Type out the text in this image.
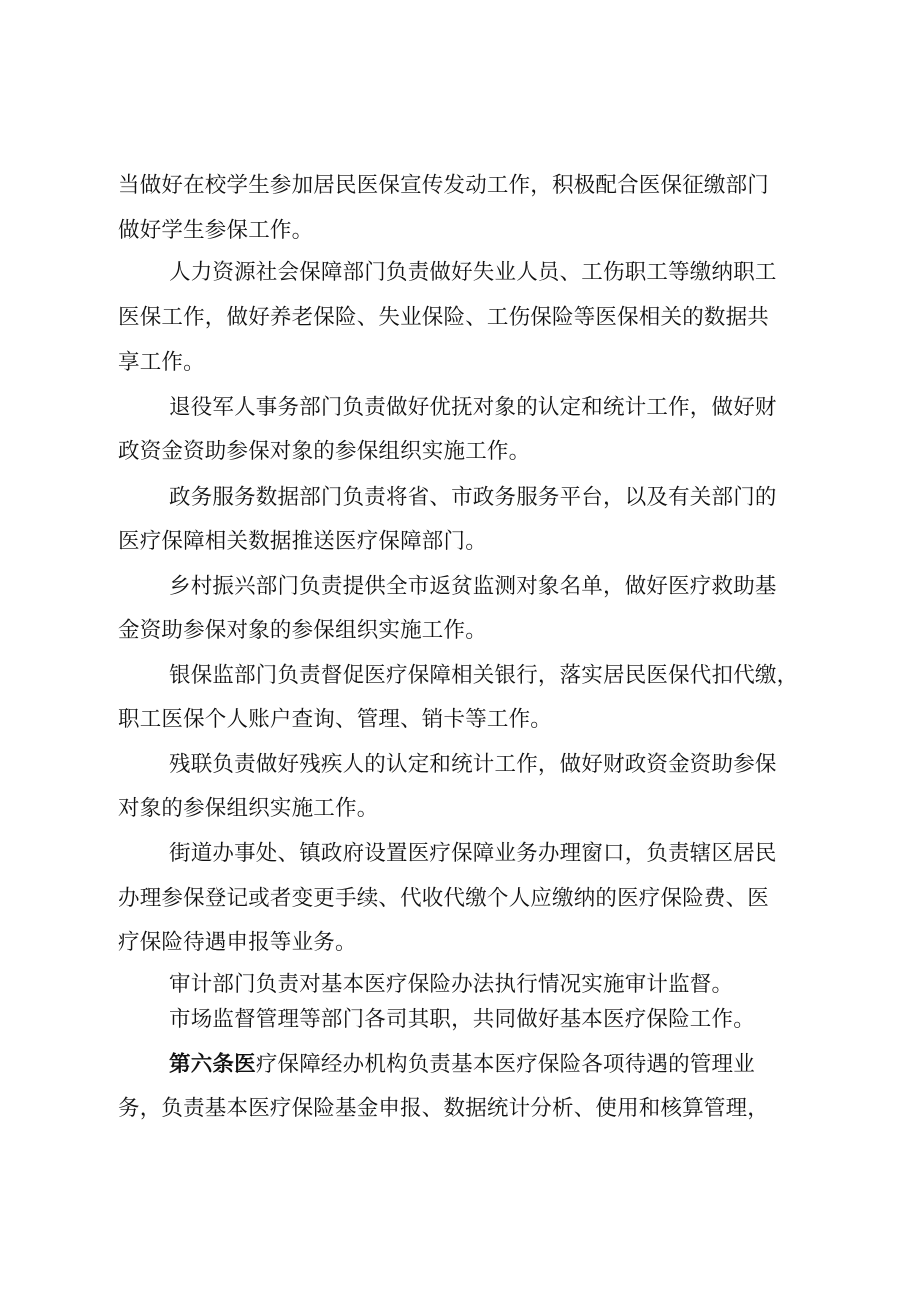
当做好在校学生参加居民医保宣传发动工作，积极配合医保征缴部门
做好学生参保工作。
人力资源社会保障部门负责做好失业人员、工伤职工等缴纳职工
医保工作，做好养老保险、失业保险、工伤保险等医保相关的数据共
享工作。
退役军人事务部门负责做好优抚对象的认定和统计工作，做好财
政资金资助参保对象的参保组织实施工作。
政务服务数据部门负责将省、市政务服务平台，以及有关部门的
医疗保障相关数据推送医疗保障部门。
乡村振兴部门负责提供全市返贫监测对象名单，做好医疗救助基
金资助参保对象的参保组织实施工作。
银保监部门负责督促医疗保障相关银行，落实居民医保代扣代缴，
职工医保个人账户查询、管理、销卡等工作。
残联负责做好残疾人的认定和统计工作，做好财政资金资助参保
对象的参保组织实施工作。
街道办事处、镇政府设置医疗保障业务办理窗口，负责辖区居民
办理参保登记或者变更手续、代收代缴个人应缴纳的医疗保险费、医
疗保险待遇申报等业务。
审计部门负责对基本医疗保险办法执行情况实施审计监督。
市场监督管理等部门各司其职，共同做好基本医疗保险工作。
第六条医疗保障经办机构负责基本医疗保险各项待遇的管理业
务，负责基本医疗保险基金申报、数据统计分析、使用和核算管理，
